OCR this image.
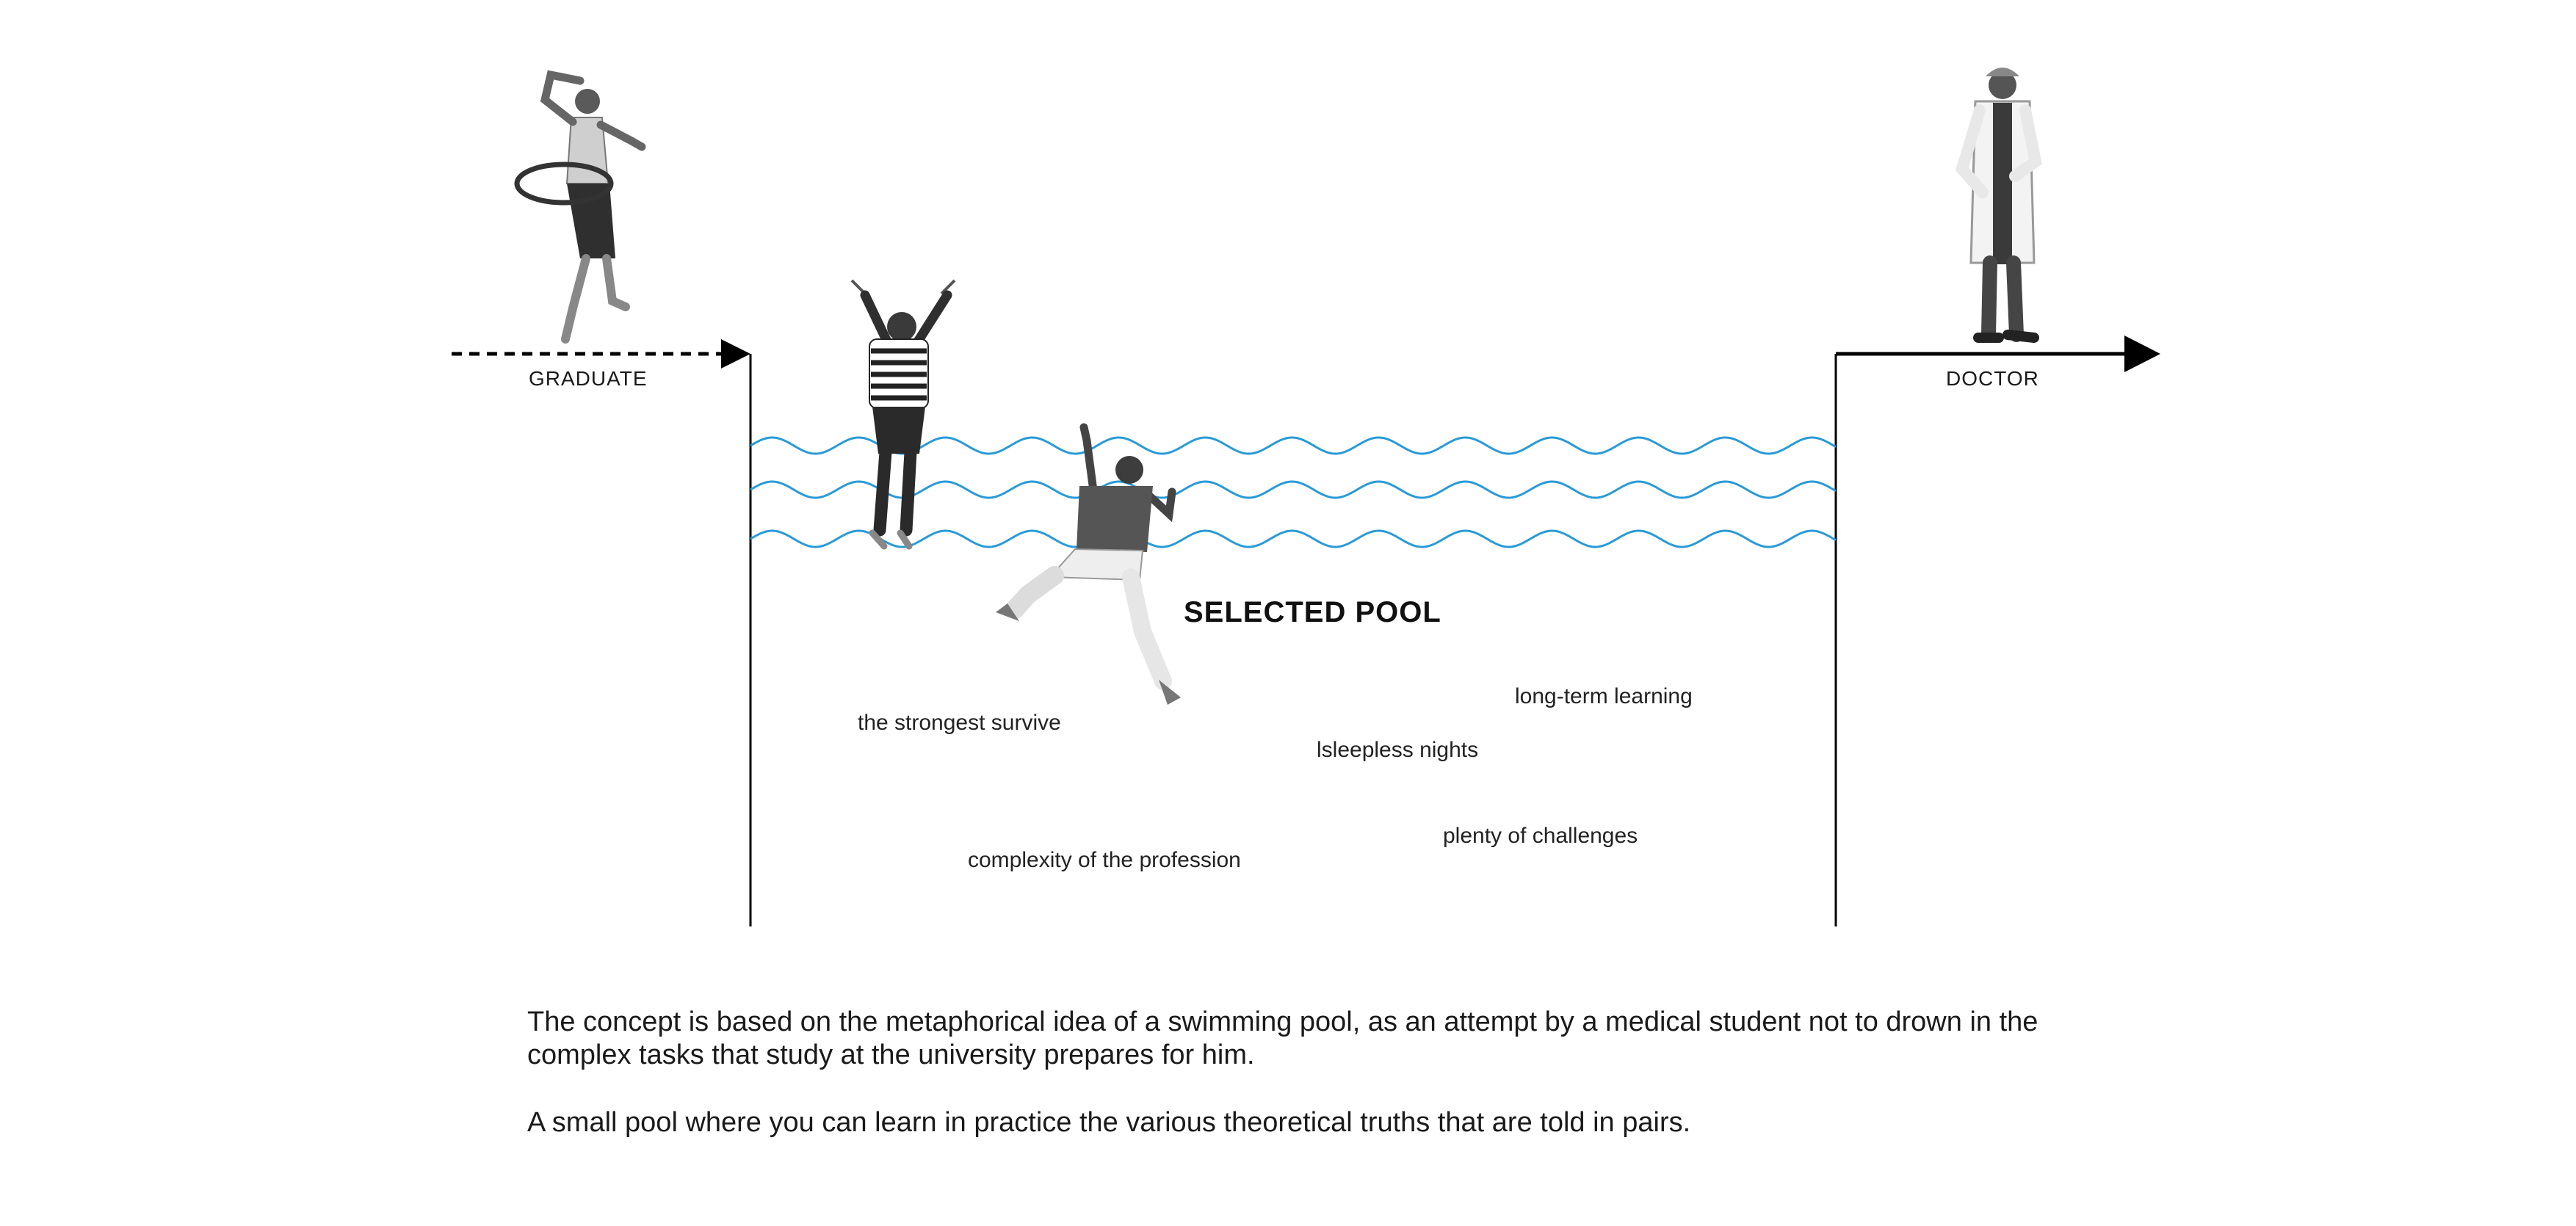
GRADUATE	DOCTOR
SELECTED POOL
the strongest survive
long-term learning
lsleepless nights
plenty of challenges
complexity of the profession
The concept is based on the metaphorical idea of a swimming pool, as an attempt by a medical student not to drown in the complex tasks that study at the university prepares for him.
A small pool where you can learn in practice the various theoretical truths that are told in pairs.
